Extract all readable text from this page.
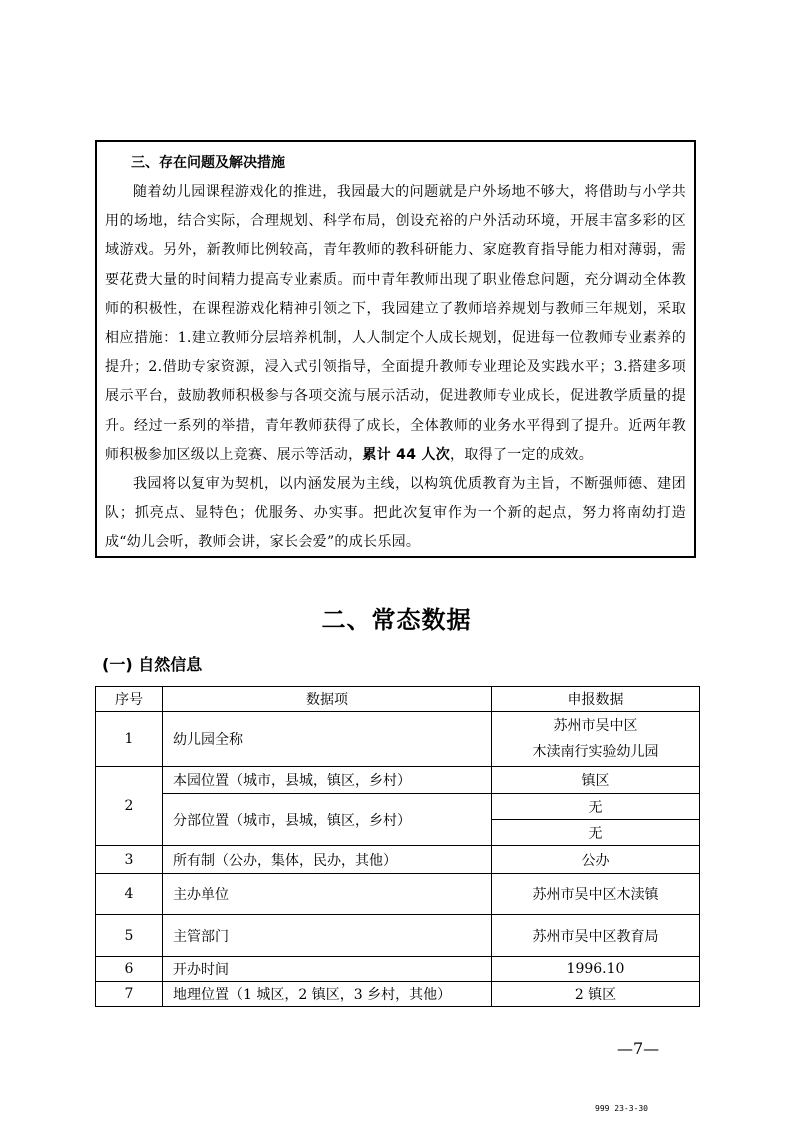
三、存在问题及解决措施

随着幼儿园课程游戏化的推进，我园最大的问题就是户外场地不够大，将借助与小学共用的场地，结合实际，合理规划、科学布局，创设充裕的户外活动环境，开展丰富多彩的区域游戏。另外，新教师比例较高，青年教师的教科研能力、家庭教育指导能力相对薄弱，需要花费大量的时间精力提高专业素质。而中青年教师出现了职业倦怠问题，充分调动全体教师的积极性，在课程游戏化精神引领之下，我园建立了教师培养规划与教师三年规划，采取相应措施：1.建立教师分层培养机制，人人制定个人成长规划，促进每一位教师专业素养的提升；2.借助专家资源，浸入式引领指导，全面提升教师专业理论及实践水平；3.搭建多项展示平台，鼓励教师积极参与各项交流与展示活动，促进教师专业成长，促进教学质量的提升。经过一系列的举措，青年教师获得了成长，全体教师的业务水平得到了提升。近两年教师积极参加区级以上竞赛、展示等活动，累计 44 人次，取得了一定的成效。

我园将以复审为契机，以内涵发展为主线，以构筑优质教育为主旨，不断强师德、建团队；抓亮点、显特色；优服务、办实事。把此次复审作为一个新的起点，努力将南幼打造成“幼儿会听，教师会讲，家长会爱”的成长乐园。

二、常态数据
(一) 自然信息
序号	数据项	申报数据
1	幼儿园全称	苏州市吴中区
木渎南行实验幼儿园

2	本园位置（城市，县城，镇区，乡村）	镇区
	分部位置（城市，县城，镇区，乡村）	无
		无
3	所有制（公办，集体，民办，其他）	公办
4	主办单位	苏州市吴中区木渎镇
5	主管部门	苏州市吴中区教育局
6	开办时间	1996.10
7	地理位置（1 城区，2 镇区，3 乡村，其他）	2 镇区

—7—

999 23-3-30
